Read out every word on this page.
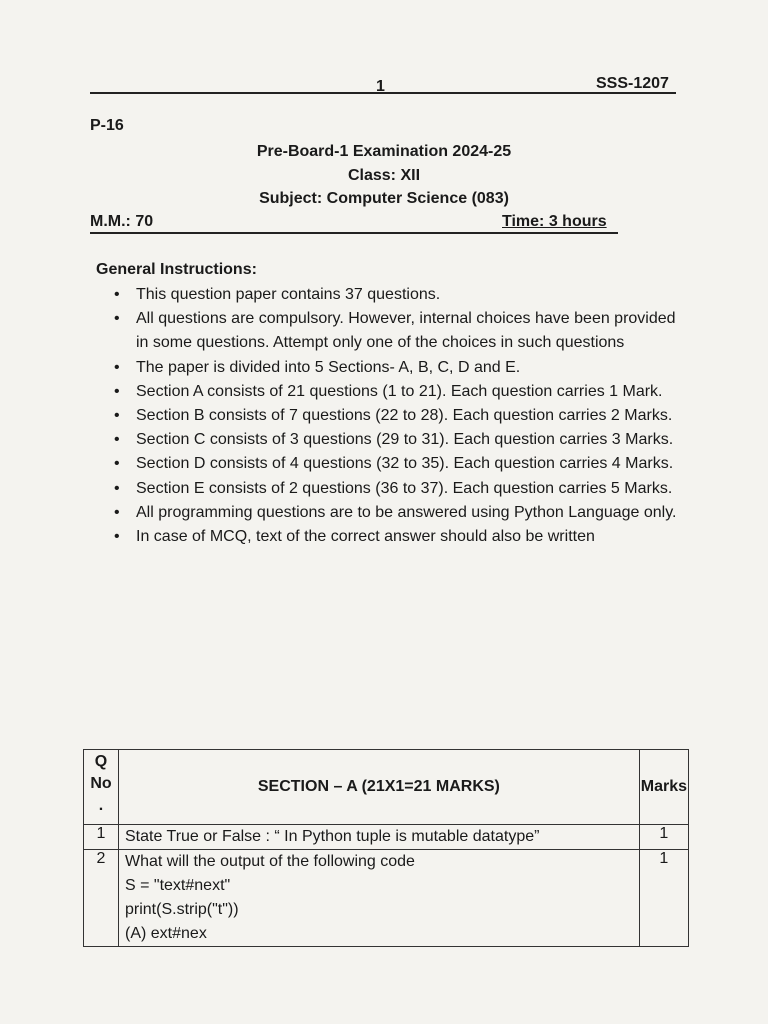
1	SSS-1207
P-16
Pre-Board-1 Examination 2024-25
Class: XII
Subject: Computer Science (083)
M.M.: 70	Time: 3 hours
General Instructions:
• This question paper contains 37 questions.
• All questions are compulsory. However, internal choices have been provided in some questions. Attempt only one of the choices in such questions
• The paper is divided into 5 Sections- A, B, C, D and E.
• Section A consists of 21 questions (1 to 21). Each question carries 1 Mark.
• Section B consists of 7 questions (22 to 28). Each question carries 2 Marks.
• Section C consists of 3 questions (29 to 31). Each question carries 3 Marks.
• Section D consists of 4 questions (32 to 35). Each question carries 4 Marks.
• Section E consists of 2 questions (36 to 37). Each question carries 5 Marks.
• All programming questions are to be answered using Python Language only.
• In case of MCQ, text of the correct answer should also be written
Q
No
.	SECTION – A (21X1=21 MARKS)	Marks
1	State True or False : “ In Python tuple is mutable datatype”	1
2	What will the output of the following code
S = "text#next"
print(S.strip("t"))
(A) ext#nex	1
